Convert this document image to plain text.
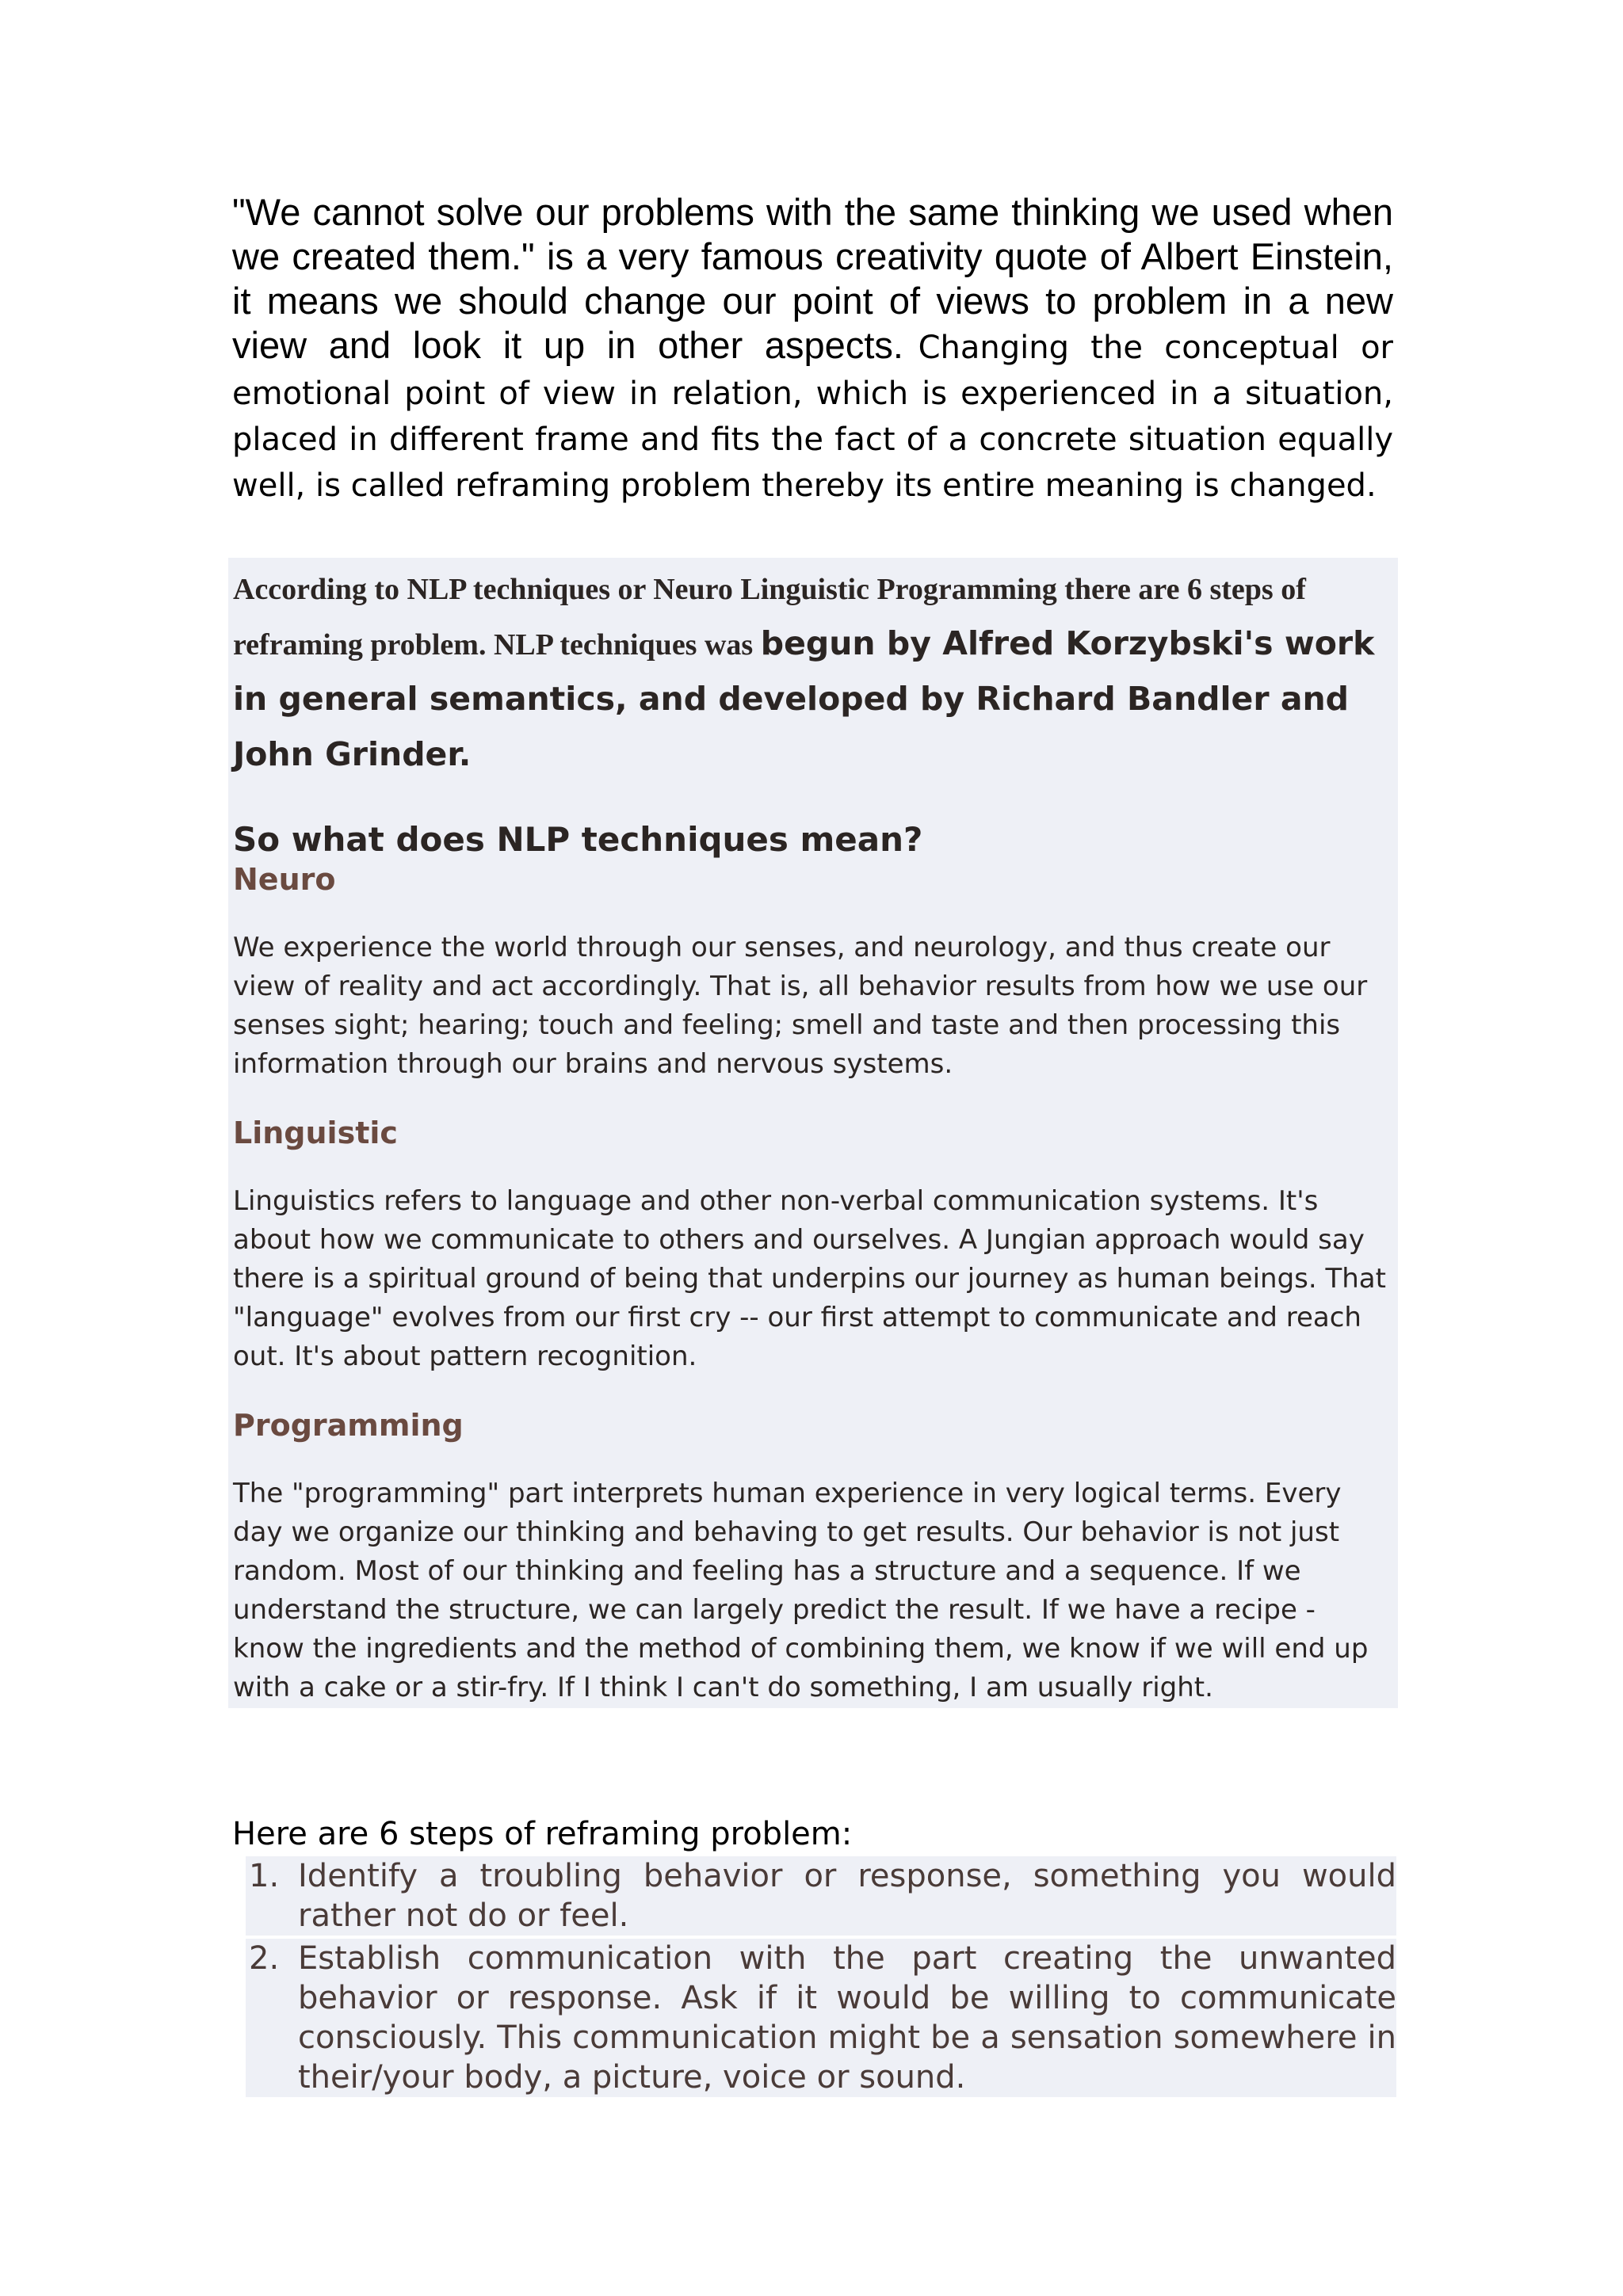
"We cannot solve our problems with the same thinking we used when we created them." is a very famous creativity quote of Albert Einstein, it means we should change our point of views to problem in a new view and look it up in other aspects. Changing the conceptual or emotional point of view in relation, which is experienced in a situation, placed in different frame and fits the fact of a concrete situation equally well, is called reframing problem thereby its entire meaning is changed.

According to NLP techniques or Neuro Linguistic Programming there are 6 steps of reframing problem. NLP techniques was begun by Alfred Korzybski's work in general semantics, and developed by Richard Bandler and John Grinder.

So what does NLP techniques mean?
Neuro

We experience the world through our senses, and neurology, and thus create our view of reality and act accordingly. That is, all behavior results from how we use our senses sight; hearing; touch and feeling; smell and taste and then processing this information through our brains and nervous systems.

Linguistic

Linguistics refers to language and other non-verbal communication systems. It's about how we communicate to others and ourselves. A Jungian approach would say there is a spiritual ground of being that underpins our journey as human beings. That "language" evolves from our first cry -- our first attempt to communicate and reach out. It's about pattern recognition.

Programming

The "programming" part interprets human experience in very logical terms. Every day we organize our thinking and behaving to get results. Our behavior is not just random. Most of our thinking and feeling has a structure and a sequence. If we understand the structure, we can largely predict the result. If we have a recipe - know the ingredients and the method of combining them, we know if we will end up with a cake or a stir-fry. If I think I can't do something, I am usually right.

Here are 6 steps of reframing problem:

1. Identify a troubling behavior or response, something you would rather not do or feel.
2. Establish communication with the part creating the unwanted behavior or response. Ask if it would be willing to communicate consciously. This communication might be a sensation somewhere in their/your body, a picture, voice or sound.
